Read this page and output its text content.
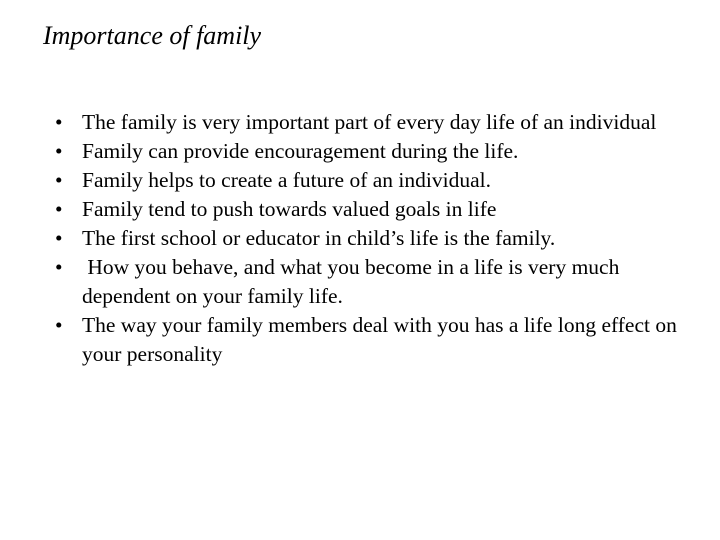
Importance of family
• The family is very important part of every day life of an individual
• Family can provide encouragement during the life.
• Family helps to create a future of an individual.
• Family tend to push towards valued goals in life
• The first school or educator in child’s life is the family.
• How you behave, and what you become in a life is very much dependent on your family life.
• The way your family members deal with you has a life long effect on your personality
